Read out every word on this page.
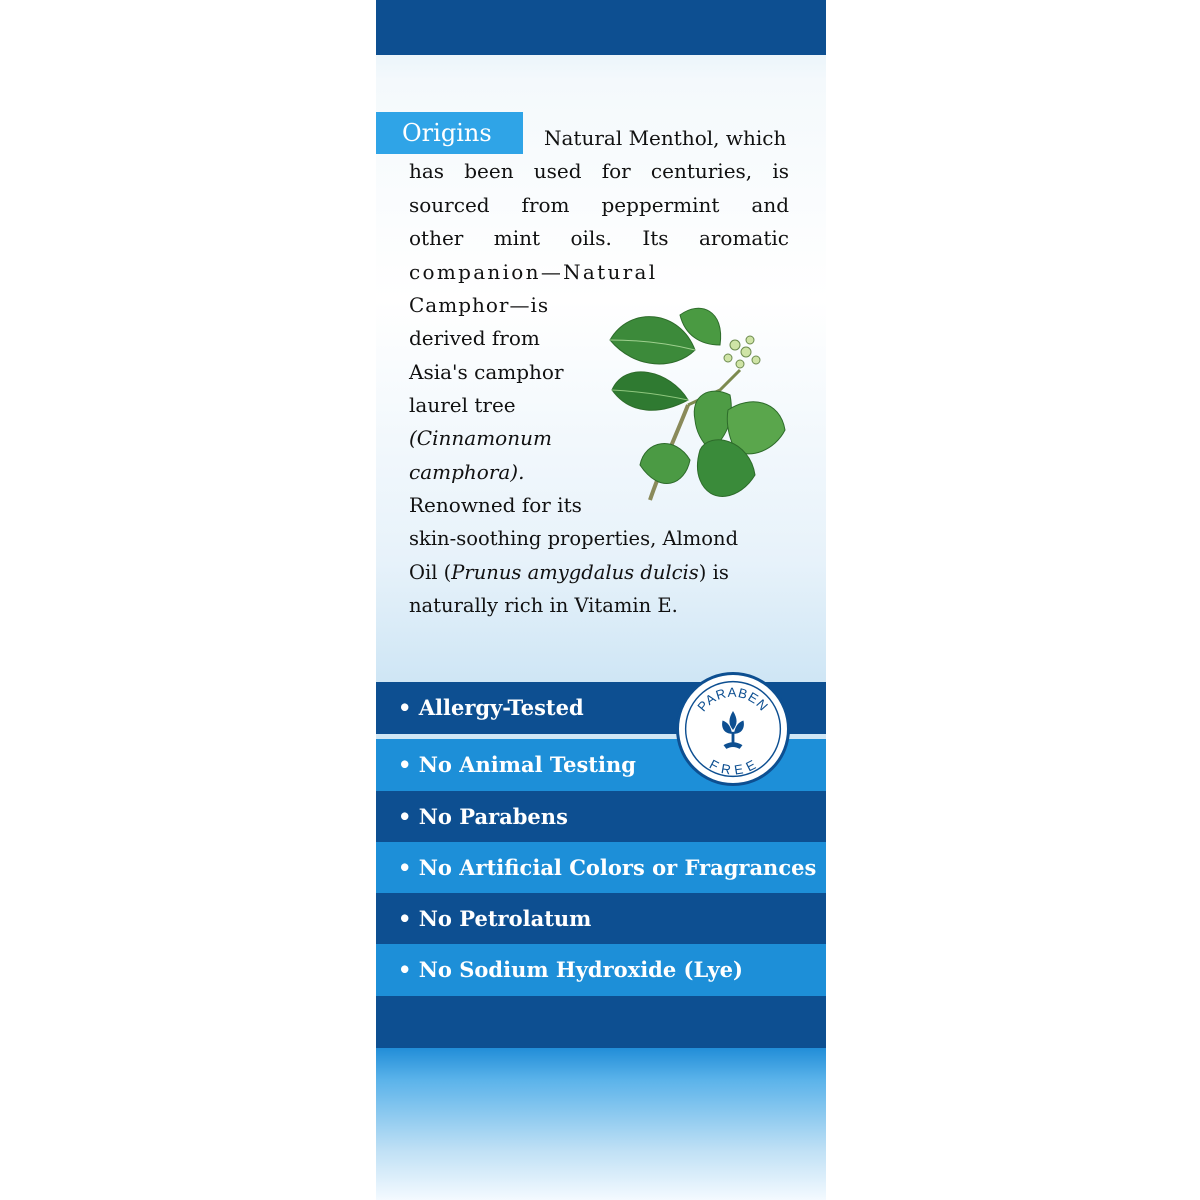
Origins	Natural Menthol, which
has been used for centuries, is
sourced from peppermint and
other mint oils. Its aromatic
companion—Natural
Camphor—is
derived from
Asia's camphor
laurel tree
(Cinnamonum
camphora).
Renowned for its
skin-soothing properties, Almond
Oil (Prunus amygdalus dulcis) is
naturally rich in Vitamin E.
• Allergy-Tested
• No Animal Testing
• No Parabens
• No Artificial Colors or Fragrances
• No Petrolatum
• No Sodium Hydroxide (Lye)
PARABEN
FREE
